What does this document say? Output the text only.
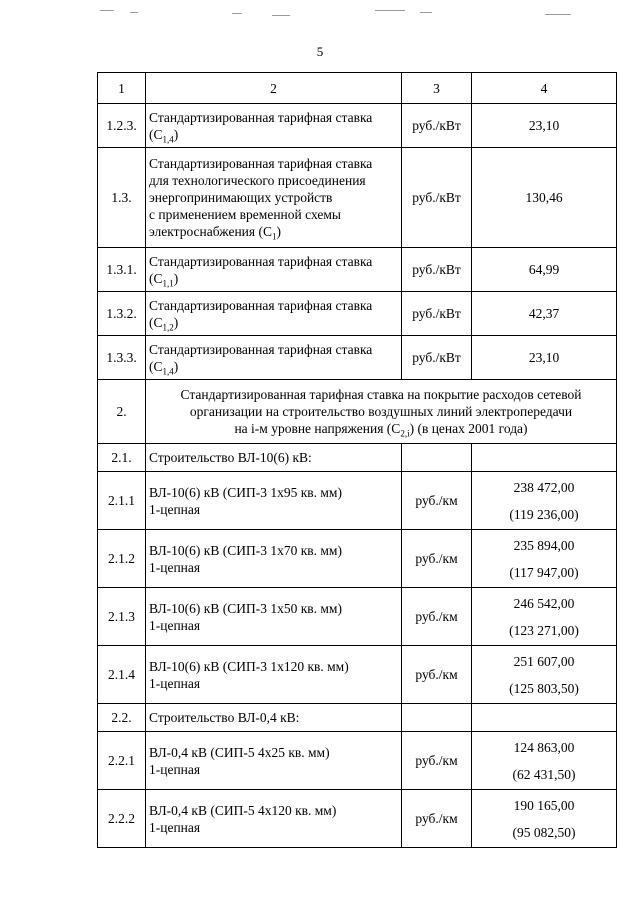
5
1	2	3	4
1.2.3.	Стандартизированная тарифная ставка
$(С_{1,4})$	руб./кВт	23,10
1.3.	Стандартизированная тарифная ставка
для технологического присоединения
энергопринимающих устройств
с применением временной схемы
электроснабжения $(С_1)$	руб./кВт	130,46
1.3.1.	Стандартизированная тарифная ставка
$(С_{1,1})$	руб./кВт	64,99
1.3.2.	Стандартизированная тарифная ставка
$(С_{1,2})$	руб./кВт	42,37
1.3.3.	Стандартизированная тарифная ставка
$(С_{1,4})$	руб./кВт	23,10
2.	Стандартизированная тарифная ставка на покрытие расходов сетевой
организации на строительство воздушных линий электропередачи
на i-м уровне напряжения $(С_{2,i})$ (в ценах 2001 года)		

2.1.	Строительство ВЛ-10(6) кВ:		
2.1.1	ВЛ-10(6) кВ (СИП-3 1х95 кв. мм)
1-цепная	руб./км	238 472,00
(119 236,00)

2.1.2	ВЛ-10(6) кВ (СИП-3 1х70 кв. мм)
1-цепная	руб./км	235 894,00
(117 947,00)

2.1.3	ВЛ-10(6) кВ (СИП-3 1х50 кв. мм)
1-цепная	руб./км	246 542,00
(123 271,00)

2.1.4	ВЛ-10(6) кВ (СИП-3 1х120 кв. мм)
1-цепная	руб./км	251 607,00
(125 803,50)

2.2.	Строительство ВЛ-0,4 кВ:		
2.2.1	ВЛ-0,4 кВ (СИП-5 4х25 кв. мм)
1-цепная	руб./км	124 863,00
(62 431,50)

2.2.2	ВЛ-0,4 кВ (СИП-5 4х120 кв. мм)
1-цепная	руб./км	190 165,00
(95 082,50)
